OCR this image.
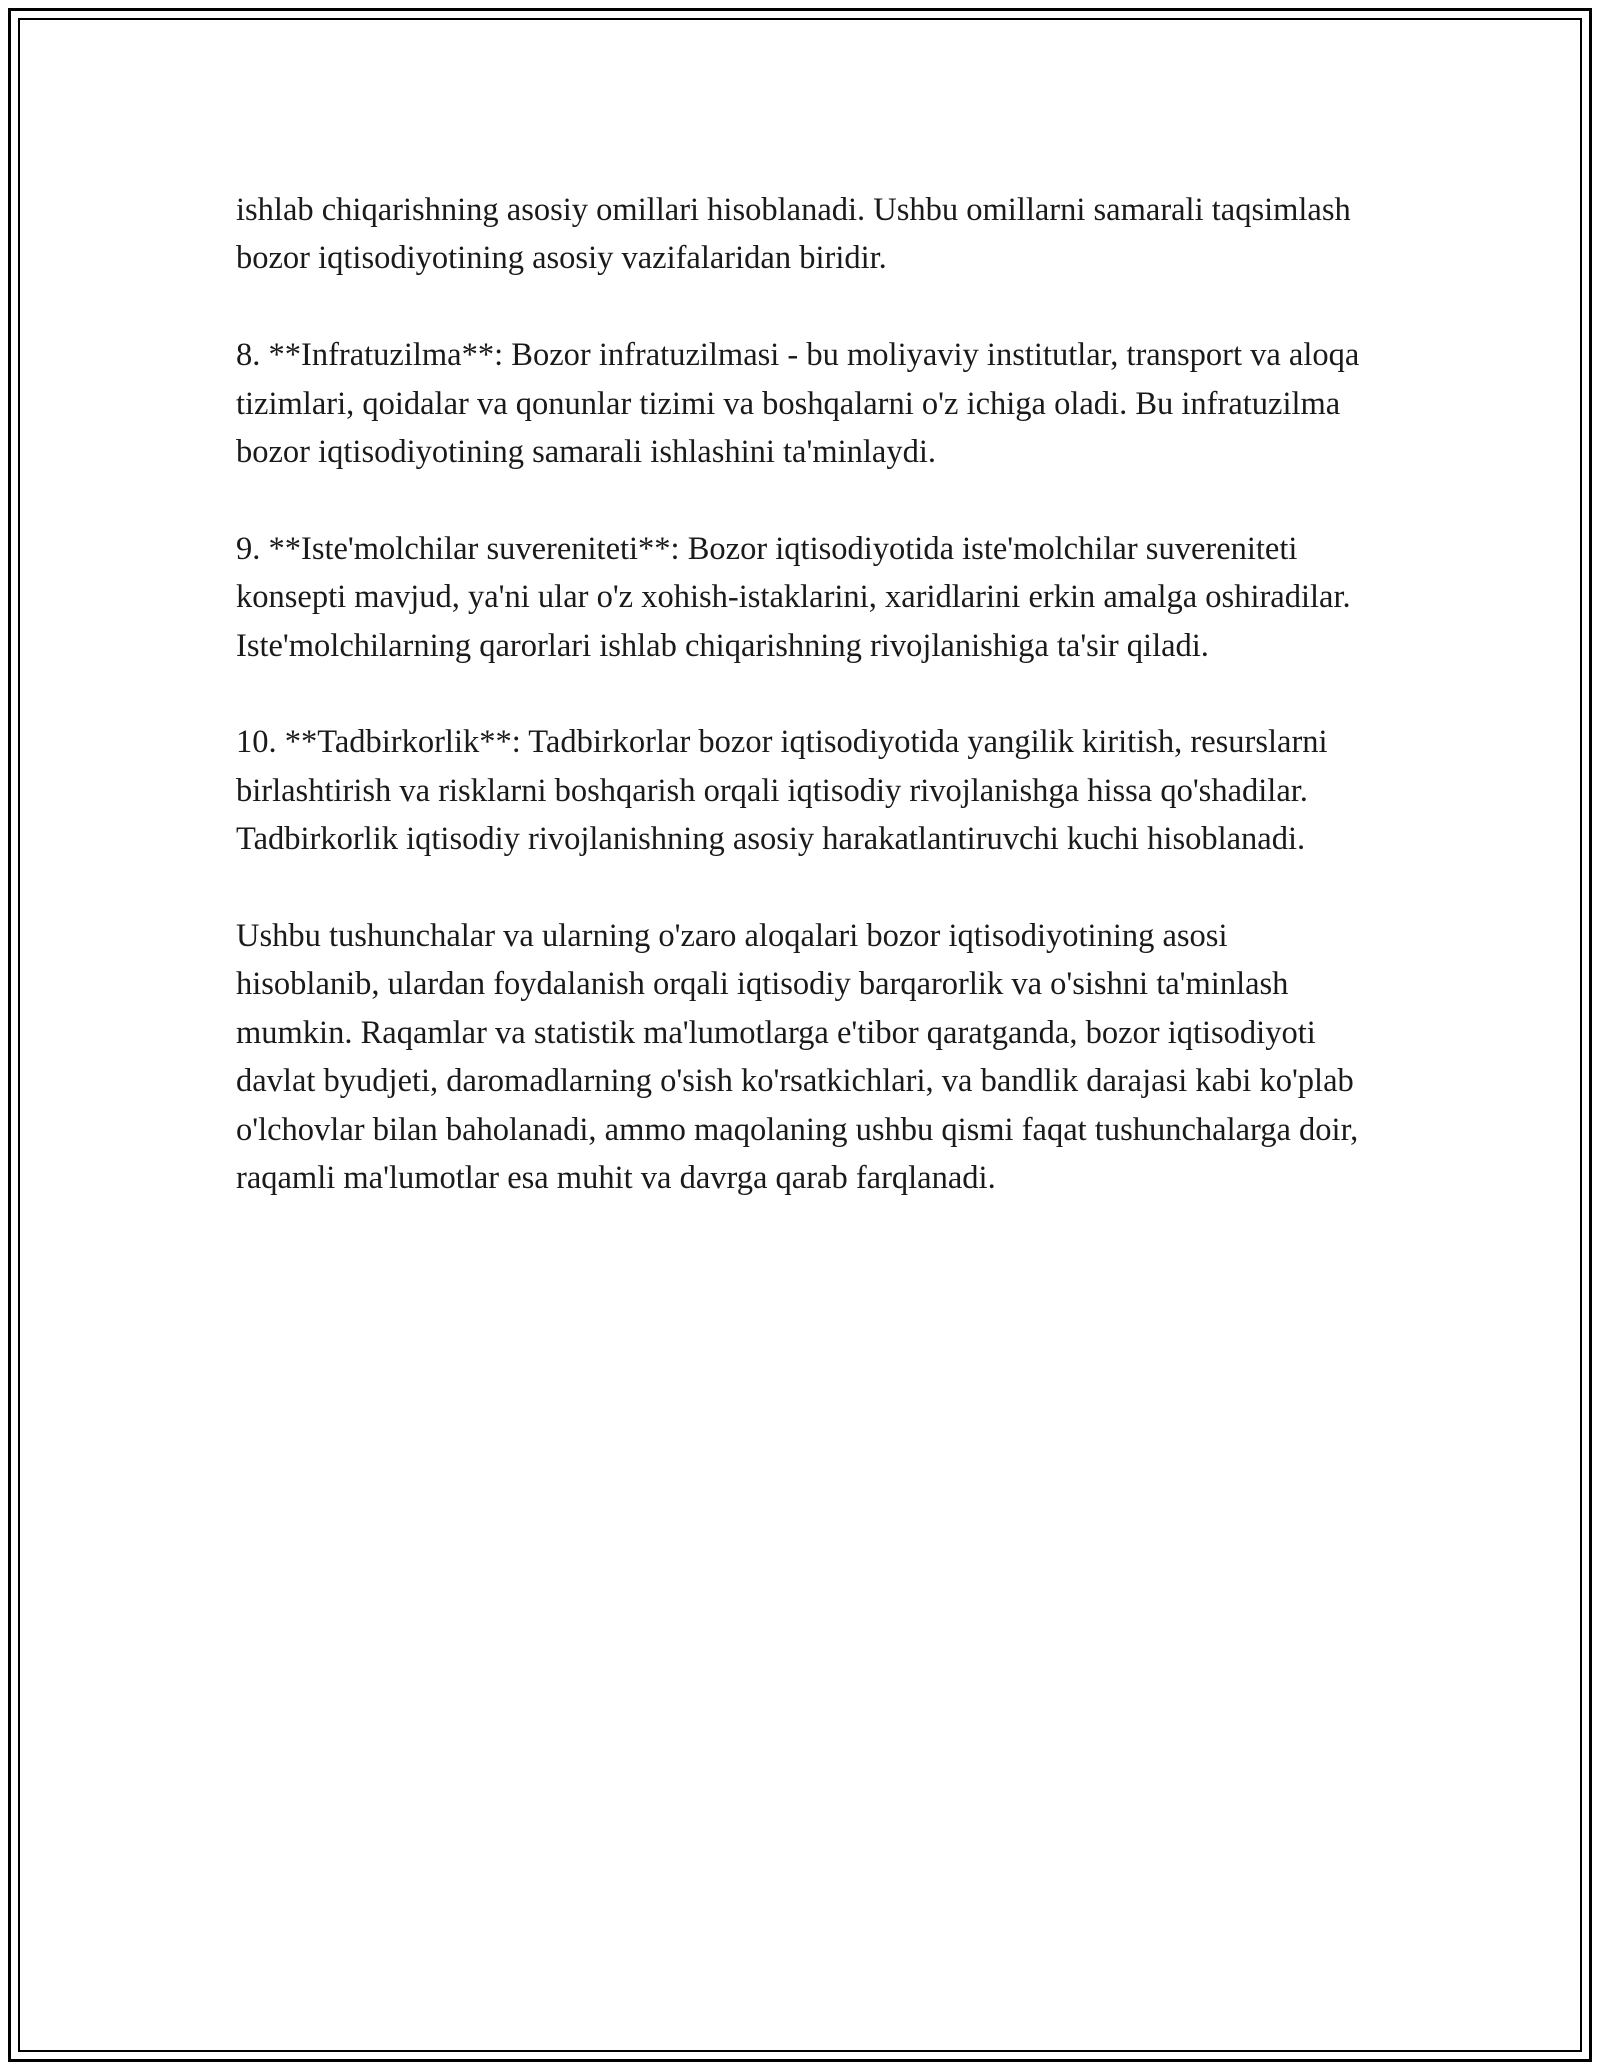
ishlab chiqarishning asosiy omillari hisoblanadi. Ushbu omillarni samarali taqsimlash bozor iqtisodiyotining asosiy vazifalaridan biridir.

8. **Infratuzilma**: Bozor infratuzilmasi - bu moliyaviy institutlar, transport va aloqa tizimlari, qoidalar va qonunlar tizimi va boshqalarni o'z ichiga oladi. Bu infratuzilma bozor iqtisodiyotining samarali ishlashini ta'minlaydi.

9. **Iste'molchilar suvereniteti**: Bozor iqtisodiyotida iste'molchilar suvereniteti konsepti mavjud, ya'ni ular o'z xohish-istaklarini, xaridlarini erkin amalga oshiradilar. Iste'molchilarning qarorlari ishlab chiqarishning rivojlanishiga ta'sir qiladi.

10. **Tadbirkorlik**: Tadbirkorlar bozor iqtisodiyotida yangilik kiritish, resurslarni birlashtirish va risklarni boshqarish orqali iqtisodiy rivojlanishga hissa qo'shadilar. Tadbirkorlik iqtisodiy rivojlanishning asosiy harakatlantiruvchi kuchi hisoblanadi.

Ushbu tushunchalar va ularning o'zaro aloqalari bozor iqtisodiyotining asosi hisoblanib, ulardan foydalanish orqali iqtisodiy barqarorlik va o'sishni ta'minlash mumkin. Raqamlar va statistik ma'lumotlarga e'tibor qaratganda, bozor iqtisodiyoti davlat byudjeti, daromadlarning o'sish ko'rsatkichlari, va bandlik darajasi kabi ko'plab o'lchovlar bilan baholanadi, ammo maqolaning ushbu qismi faqat tushunchalarga doir, raqamli ma'lumotlar esa muhit va davrga qarab farqlanadi.
